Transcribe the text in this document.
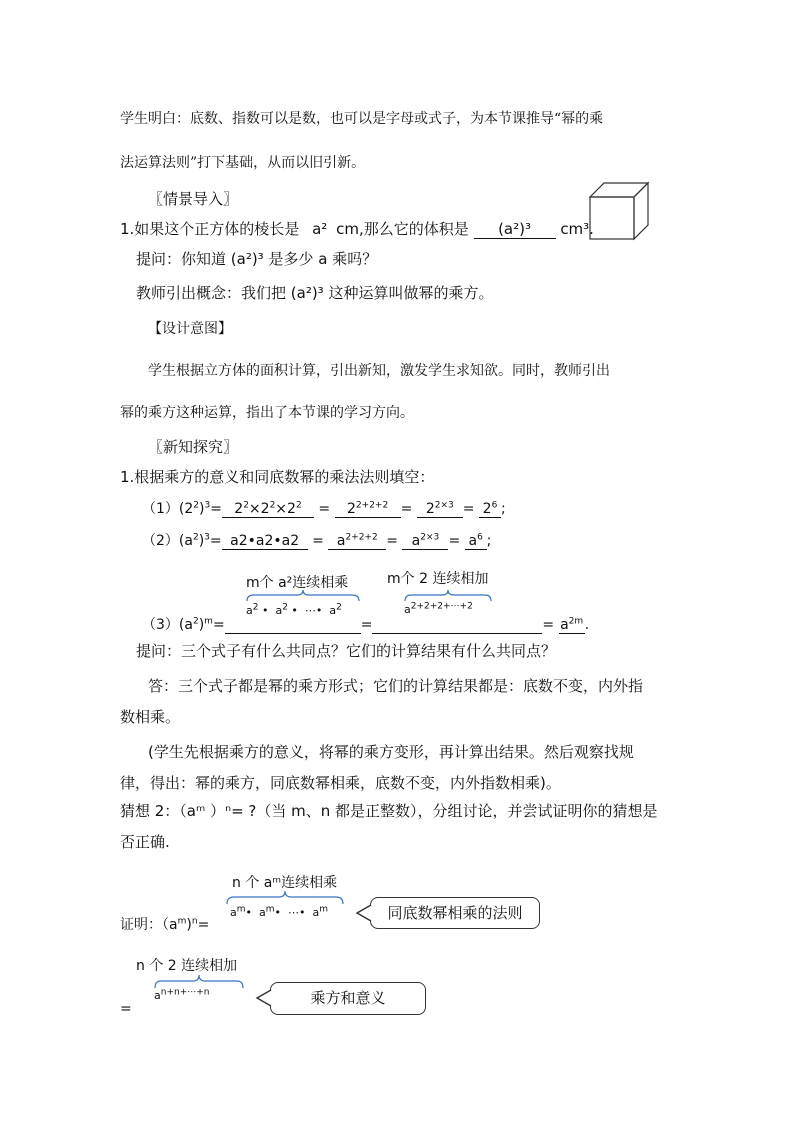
学生明白：底数、指数可以是数，也可以是字母或式子，为本节课推导“幂的乘
法运算法则”打下基础，从而以旧引新。
〖情景导入〗
1.如果这个正方体的棱长是 a² cm,那么它的体积是 (a²)³ cm³.
提问：你知道 (a²)³ 是多少 a 乘吗？
教师引出概念：我们把 (a²)³ 这种运算叫做幂的乘方。
【设计意图】
学生根据立方体的面积计算，引出新知，激发学生求知欲。同时，教师引出
幂的乘方这种运算，指出了本节课的学习方向。
〖新知探究〗
1.根据乘方的意义和同底数幂的乘法法则填空：
$(1)(2^2)^3= 2^2\times 2^2\times 2^2 = 2^{2+2+2} = 2^{2\times 3} = 2^6$ ;
$(2)(a^2)^3=$ a2•a2•a2 = $a^{2+2+2} = a^{2\times 3} = a^6$ ;
m个 a²连续相乘	m个 2 连续相加
$a^2$ •  $a^2$ •  ⋯•  $a^2$	$a^{2+2+2+\cdots+2}$
$(3)(a^2)^m=$	=	= $a^{2m}$.
提问：三个式子有什么共同点？它们的计算结果有什么共同点？
答：三个式子都是幂的乘方形式；它们的计算结果都是：底数不变，内外指
数相乘。
(学生先根据乘方的意义，将幂的乘方变形，再计算出结果。然后观察找规
律，得出：幂的乘方，同底数幂相乘，底数不变，内外指数相乘)。
猜想 2：（aᵐ ）ⁿ= ?（当 m、n 都是正整数），分组讨论，并尝试证明你的猜想是
否正确.
n 个 aᵐ连续相乘
$a^m•$  $a^m•$  ⋯•  $a^m$
证明：$(a^m)^n=$
同底数幂相乘的法则
n 个 2 连续相加
$a^{n+n+\cdots+n}$
=
乘方和意义
